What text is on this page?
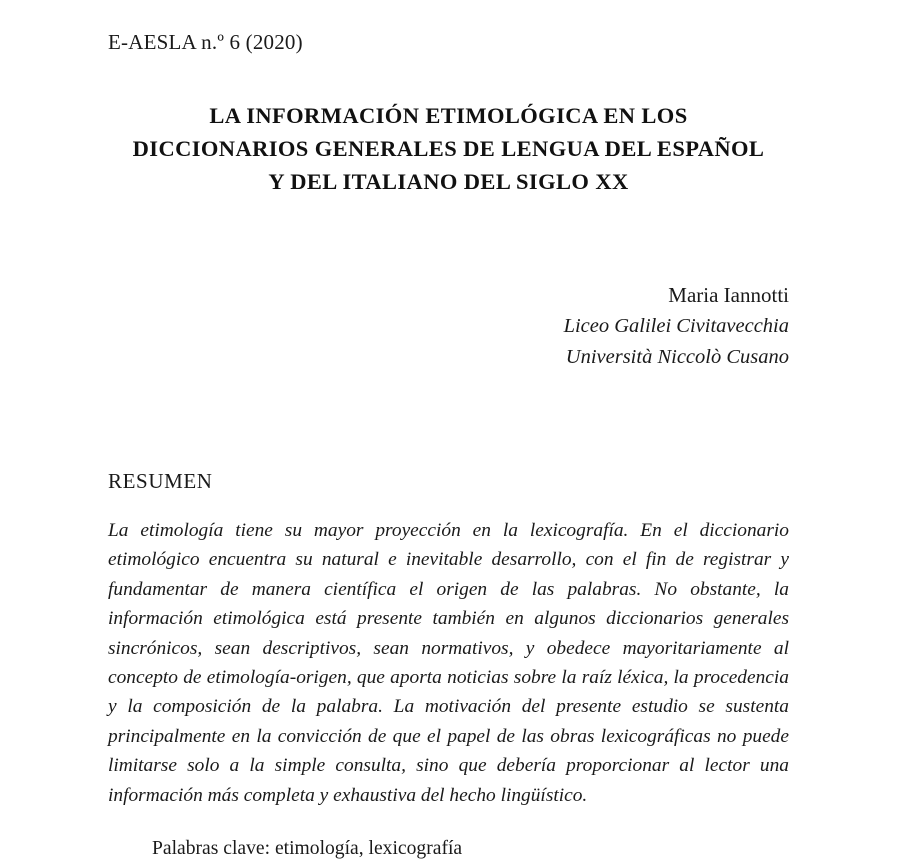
E-AESLA n.º 6 (2020)
LA INFORMACIÓN ETIMOLÓGICA EN LOS
DICCIONARIOS GENERALES DE LENGUA DEL ESPAÑOL
Y DEL ITALIANO DEL SIGLO XX
Maria Iannotti
Liceo Galilei Civitavecchia
Università Niccolò Cusano
RESUMEN
La etimología tiene su mayor proyección en la lexicografía. En el diccionario etimológico encuentra su natural e inevitable desarrollo, con el fin de registrar y fundamentar de manera científica el origen de las palabras. No obstante, la información etimológica está presente también en algunos diccionarios generales sincrónicos, sean descriptivos, sean normativos, y obedece mayoritariamente al concepto de etimología-origen, que aporta noticias sobre la raíz léxica, la procedencia y la composición de la palabra. La motivación del presente estudio se sustenta principalmente en la convicción de que el papel de las obras lexicográficas no puede limitarse solo a la simple consulta, sino que debería proporcionar al lector una información más completa y exhaustiva del hecho lingüístico.
Palabras clave: etimología, lexicografía
